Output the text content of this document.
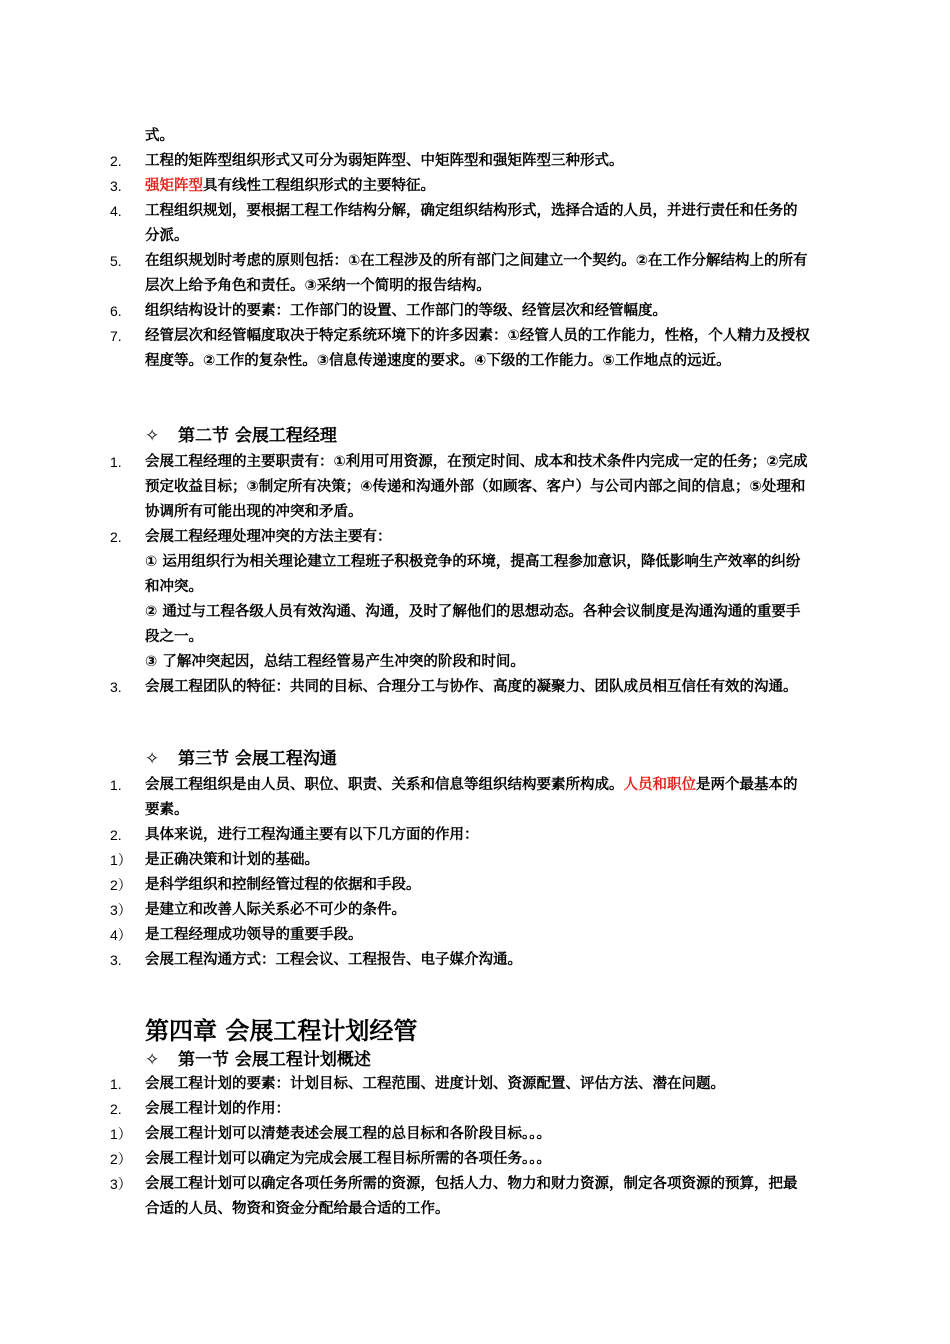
式。
2. 工程的矩阵型组织形式又可分为弱矩阵型、中矩阵型和强矩阵型三种形式。
3. 强矩阵型具有线性工程组织形式的主要特征。
4. 工程组织规划，要根据工程工作结构分解，确定组织结构形式，选择合适的人员，并进行责任和任务的分派。
5. 在组织规划时考虑的原则包括：①在工程涉及的所有部门之间建立一个契约。②在工作分解结构上的所有层次上给予角色和责任。③采纳一个简明的报告结构。
6. 组织结构设计的要素：工作部门的设置、工作部门的等级、经管层次和经管幅度。
7. 经管层次和经管幅度取决于特定系统环境下的许多因素：①经管人员的工作能力，性格，个人精力及授权程度等。②工作的复杂性。③信息传递速度的要求。④下级的工作能力。⑤工作地点的远近。
✧ 第二节 会展工程经理
1. 会展工程经理的主要职责有：①利用可用资源，在预定时间、成本和技术条件内完成一定的任务；②完成预定收益目标；③制定所有决策；④传递和沟通外部（如顾客、客户）与公司内部之间的信息；⑤处理和协调所有可能出现的冲突和矛盾。
2. 会展工程经理处理冲突的方法主要有：
① 运用组织行为相关理论建立工程班子积极竞争的环境，提高工程参加意识，降低影响生产效率的纠纷和冲突。
② 通过与工程各级人员有效沟通、沟通，及时了解他们的思想动态。各种会议制度是沟通沟通的重要手段之一。
③ 了解冲突起因，总结工程经管易产生冲突的阶段和时间。
3. 会展工程团队的特征：共同的目标、合理分工与协作、高度的凝聚力、团队成员相互信任有效的沟通。
✧ 第三节 会展工程沟通
1. 会展工程组织是由人员、职位、职责、关系和信息等组织结构要素所构成。人员和职位是两个最基本的要素。
2. 具体来说，进行工程沟通主要有以下几方面的作用：
1） 是正确决策和计划的基础。
2） 是科学组织和控制经管过程的依据和手段。
3） 是建立和改善人际关系必不可少的条件。
4） 是工程经理成功领导的重要手段。
3. 会展工程沟通方式：工程会议、工程报告、电子媒介沟通。
第四章 会展工程计划经管
✧ 第一节 会展工程计划概述
1. 会展工程计划的要素：计划目标、工程范围、进度计划、资源配置、评估方法、潜在问题。
2. 会展工程计划的作用：
1） 会展工程计划可以清楚表述会展工程的总目标和各阶段目标。。。
2） 会展工程计划可以确定为完成会展工程目标所需的各项任务。。。
3） 会展工程计划可以确定各项任务所需的资源，包括人力、物力和财力资源，制定各项资源的预算，把最合适的人员、物资和资金分配给最合适的工作。
